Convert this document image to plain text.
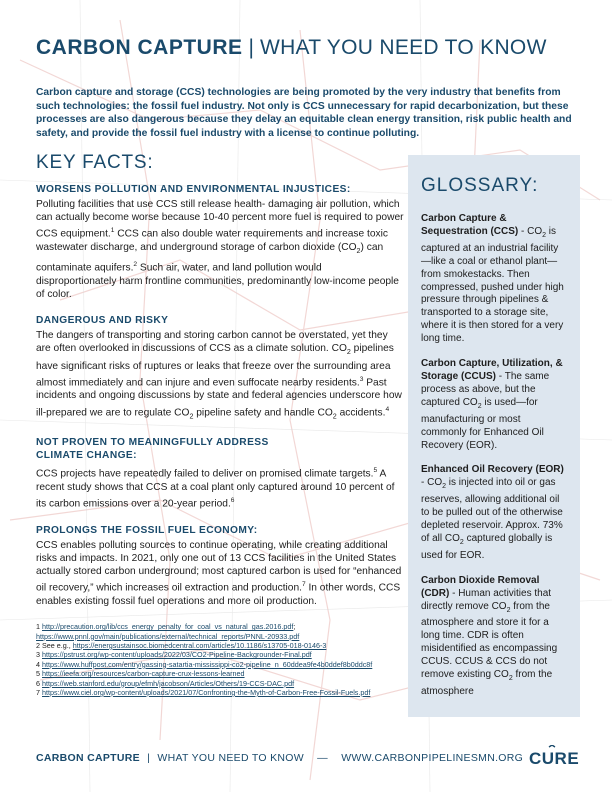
CARBON CAPTURE | WHAT YOU NEED TO KNOW

Carbon capture and storage (CCS) technologies are being promoted by the very industry that benefits from such technologies: the fossil fuel industry. Not only is CCS unnecessary for rapid decarbonization, but these processes are also dangerous because they delay an equitable clean energy transition, risk public health and safety, and provide the fossil fuel industry with a license to continue polluting.

KEY FACTS:
WORSENS POLLUTION AND ENVIRONMENTAL INJUSTICES:

Polluting facilities that use CCS still release health- damaging air pollution, which can actually become worse because 10-40 percent more fuel is required to power CCS equipment.$^1$ CCS can also double water requirements and increase toxic wastewater discharge, and underground storage of carbon dioxide $(CO_2)$ can contaminate aquifers.$^2$ Such air, water, and land pollution would disproportionately harm frontline communities, predominantly low-income people of color.

DANGEROUS AND RISKY

The dangers of transporting and storing carbon cannot be overstated, yet they are often overlooked in discussions of CCS as a climate solution. $CO_2$ pipelines have significant risks of ruptures or leaks that freeze over the surrounding area almost immediately and can injure and even suffocate nearby residents.$^3$ Past incidents and ongoing discussions by state and federal agencies underscore how ill-prepared we are to regulate $CO_2$ pipeline safety and handle $CO_2$ accidents.$^4$

NOT PROVEN TO MEANINGFULLY ADDRESS CLIMATE CHANGE:

CCS projects have repeatedly failed to deliver on promised climate targets.$^5$ A recent study shows that CCS at a coal plant only captured around 10 percent of its carbon emissions over a 20-year period.$^6$

PROLONGS THE FOSSIL FUEL ECONOMY:

CCS enables polluting sources to continue operating, while creating additional risks and impacts. In 2021, only one out of 13 CCS facilities in the United States actually stored carbon underground; most captured carbon is used for “enhanced oil recovery,” which increases oil extraction and production.$^7$ In other words, CCS enables existing fossil fuel operations and more oil production.

1 http://precaution.org/lib/ccs_energy_penalty_for_coal_vs_natural_gas.2016.pdf; https://www.pnnl.gov/main/publications/external/technical_reports/PNNL-20933.pdf
2 See e.g., https://energsustainsoc.biomedcentral.com/articles/10.1186/s13705-018-0146-3
3 https://pstrust.org/wp-content/uploads/2022/03/CO2-Pipeline-Backgrounder-Final.pdf
4 https://www.huffpost.com/entry/gassing-satartia-mississippi-co2-pipeline_n_60ddea9fe4b0ddef8b0ddc8f
5 https://ieefa.org/resources/carbon-capture-crux-lessons-learned
6 https://web.stanford.edu/group/efmh/jacobson/Articles/Others/19-CCS-DAC.pdf
7 https://www.ciel.org/wp-content/uploads/2021/07/Confronting-the-Myth-of-Carbon-Free-Fossil-Fuels.pdf
GLOSSARY:

Carbon Capture & Sequestration $(CCS) - CO_2$ is captured at an industrial facility—like a coal or ethanol plant—from smokestacks. Then compressed, pushed under high pressure through pipelines & transported to a storage site, where it is then stored for a very long time.

Carbon Capture, Utilization, & Storage (CCUS) - The same process as above, but the captured $CO_2$ is used—for manufacturing or most commonly for Enhanced Oil Recovery (EOR).

Enhanced Oil Recovery $(EOR) - CO_2$ is injected into oil or gas reserves, allowing additional oil to be pulled out of the otherwise depleted reservoir. Approx. 73% of all $CO_2$ captured globally is used for EOR.

Carbon Dioxide Removal (CDR) - Human activities that directly remove $CO_2$ from the atmosphere and store it for a long time. CDR is often misidentified as encompassing CCUS. CCUS & CCS do not remove existing $CO_2$ from the atmosphere

CARBON CAPTURE | WHAT YOU NEED TO KNOW — WWW.CARBONPIPELINESMN.ORG CURE
